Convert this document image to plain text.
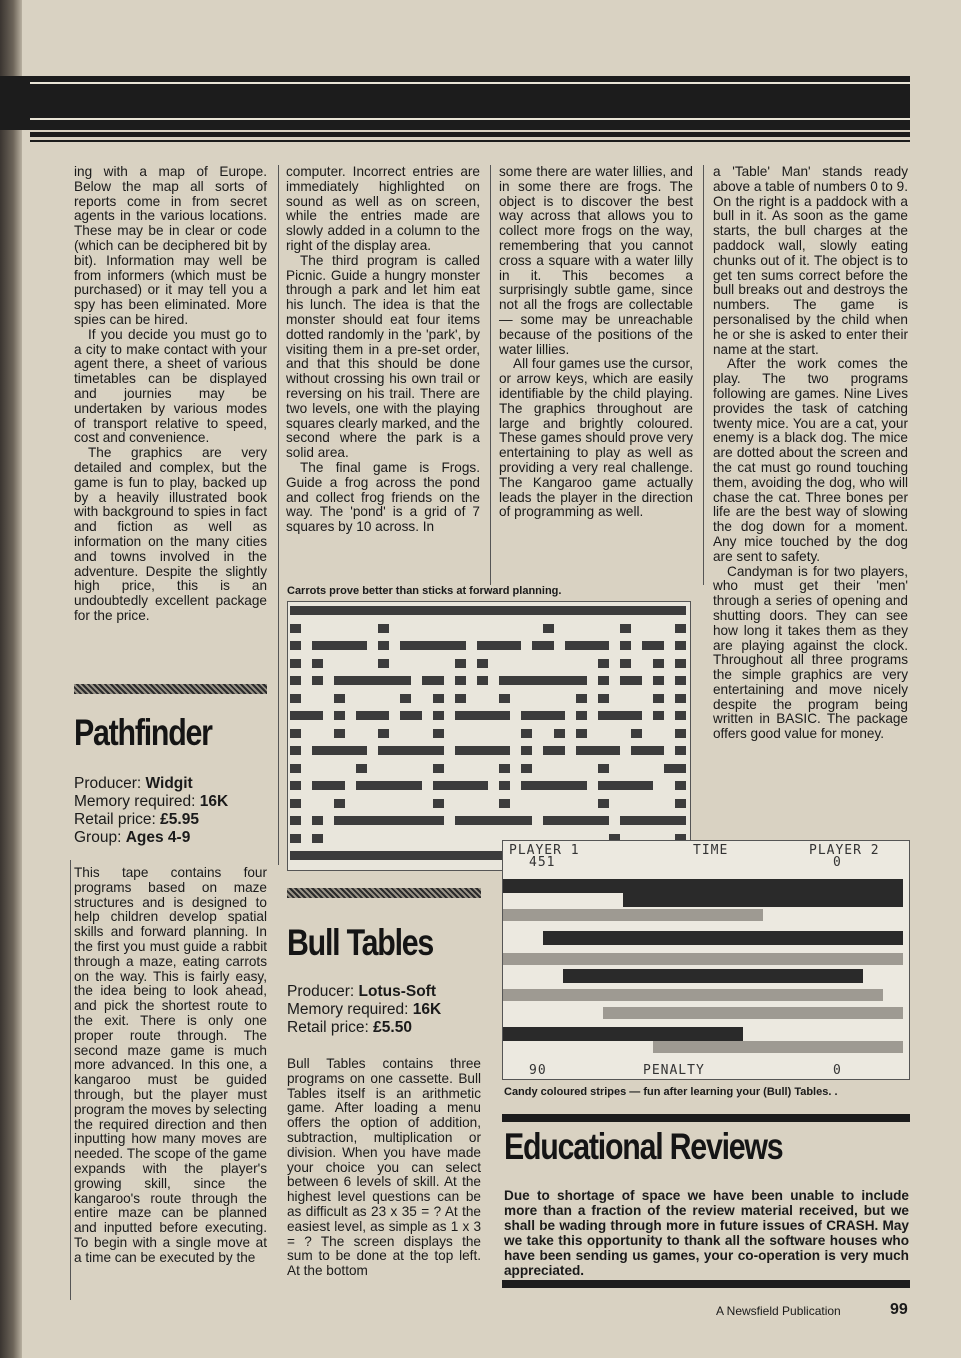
ing with a map of Europe. Below the map all sorts of reports come in from secret agents in the various locations. These may be in clear or code (which can be deciphered bit by bit). Information may well be from informers (which must be purchased) or it may tell you a spy has been eliminated. More spies can be hired.

If you decide you must go to a city to make contact with your agent there, a sheet of various timetables can be displayed and journies may be undertaken by various modes of transport relative to speed, cost and convenience.

The graphics are very detailed and complex, but the game is fun to play, backed up by a heavily illustrated book with background to spies in fact and fiction as well as information on the many cities and towns involved in the adventure. Despite the slightly high price, this is an undoubtedly excellent package for the price.

Pathfinder
Producer: Widgit
Memory required: 16K
Retail price: £5.95
Group: Ages 4-9

This tape contains four programs based on maze structures and is designed to help children develop spatial skills and forward planning. In the first you must guide a rabbit through a maze, eating carrots on the way. This is fairly easy, the idea being to look ahead, and pick the shortest route to the exit. There is only one proper route through. The second maze game is much more advanced. In this one, a kangaroo must be guided through, but the player must program the moves by selecting the required direction and then inputting how many moves are needed. The scope of the game expands with the player's growing skill, since the kangaroo's route through the entire maze can be planned and inputted before executing. To begin with a single move at a time can be executed by the

computer. Incorrect entries are immediately highlighted on sound as well as on screen, while the entries made are slowly added in a column to the right of the display area.

The third program is called Picnic. Guide a hungry monster through a park and let him eat his lunch. The idea is that the monster should eat four items dotted randomly in the 'park', by visiting them in a pre-set order, and that this should be done without crossing his own trail or reversing on his trail. There are two levels, one with the playing squares clearly marked, and the second where the park is a solid area.

The final game is Frogs. Guide a frog across the pond and collect frog friends on the way. The 'pond' is a grid of 7 squares by 10 across. In

some there are water lillies, and in some there are frogs. The object is to discover the best way across that allows you to collect more frogs on the way, remembering that you cannot cross a square with a water lilly in it. This becomes a surprisingly subtle game, since not all the frogs are collectable — some may be unreachable because of the positions of the water lillies.

All four games use the cursor, or arrow keys, which are easily identifiable by the child playing. The graphics throughout are large and brightly coloured. These games should prove very entertaining to play as well as providing a very real challenge. The Kangaroo game actually leads the player in the direction of programming as well.

a 'Table' Man' stands ready above a table of numbers 0 to 9. On the right is a paddock with a bull in it. As soon as the game starts, the bull charges at the paddock wall, slowly eating chunks out of it. The object is to get ten sums correct before the bull breaks out and destroys the numbers. The game is personalised by the child when he or she is asked to enter their name at the start.

After the work comes the play. The two programs following are games. Nine Lives provides the task of catching twenty mice. You are a cat, your enemy is a black dog. The mice are dotted about the screen and the cat must go round touching them, avoiding the dog, who will chase the cat. Three bones per life are the best way of slowing the dog down for a moment. Any mice touched by the dog are sent to safety.

Candyman is for two players, who must get their 'men' through a series of opening and shutting doors. They can see how long it takes them as they are playing against the clock. Throughout all three programs the simple graphics are very entertaining and move nicely despite the program being written in BASIC. The package offers good value for money.

Carrots prove better than sticks at forward planning.
Bull Tables
Producer: Lotus-Soft
Memory required: 16K
Retail price: £5.50

Bull Tables contains three programs on one cassette. Bull Tables itself is an arithmetic game. After loading a menu offers the option of addition, subtraction, multiplication or division. When you have made your choice you can select between 6 levels of skill. At the highest level questions can be as difficult as 23 x 35 = ? At the easiest level, as simple as 1 x 3 = ? The screen displays the sum to be done at the top left. At the bottom

PLAYER 1
451
TIME	PLAYER 2
0
90	PENALTY	0
Candy coloured stripes — fun after learning your (Bull) Tables. .
Educational Reviews
Due to shortage of space we have been unable to include more than a fraction of the review material received, but we shall be wading through more in future issues of CRASH. May we take this opportunity to thank all the software houses who have been sending us games, your co-operation is very much appreciated.
A Newsfield Publication	99
